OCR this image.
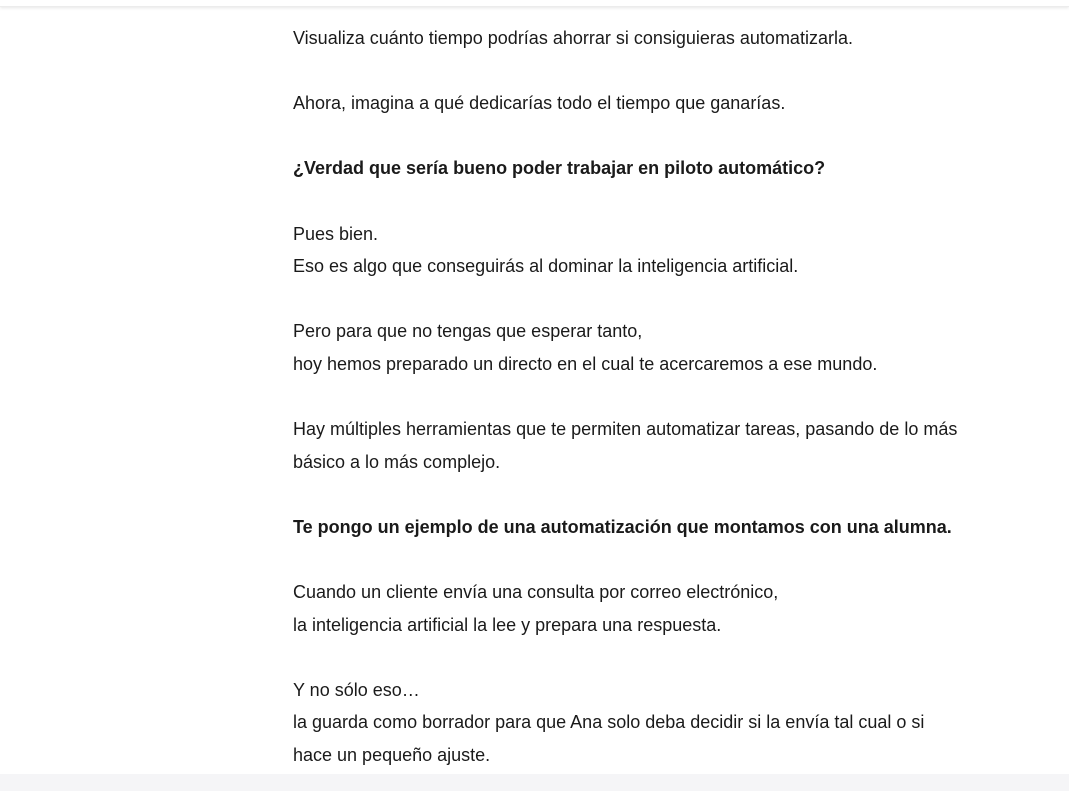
Visualiza cuánto tiempo podrías ahorrar si consiguieras automatizarla.
Ahora, imagina a qué dedicarías todo el tiempo que ganarías.
¿Verdad que sería bueno poder trabajar en piloto automático?
Pues bien.
Eso es algo que conseguirás al dominar la inteligencia artificial.
Pero para que no tengas que esperar tanto,
hoy hemos preparado un directo en el cual te acercaremos a ese mundo.
Hay múltiples herramientas que te permiten automatizar tareas, pasando de lo más
básico a lo más complejo.
Te pongo un ejemplo de una automatización que montamos con una alumna.
Cuando un cliente envía una consulta por correo electrónico,
la inteligencia artificial la lee y prepara una respuesta.
Y no sólo eso…
la guarda como borrador para que Ana solo deba decidir si la envía tal cual o si
hace un pequeño ajuste.
